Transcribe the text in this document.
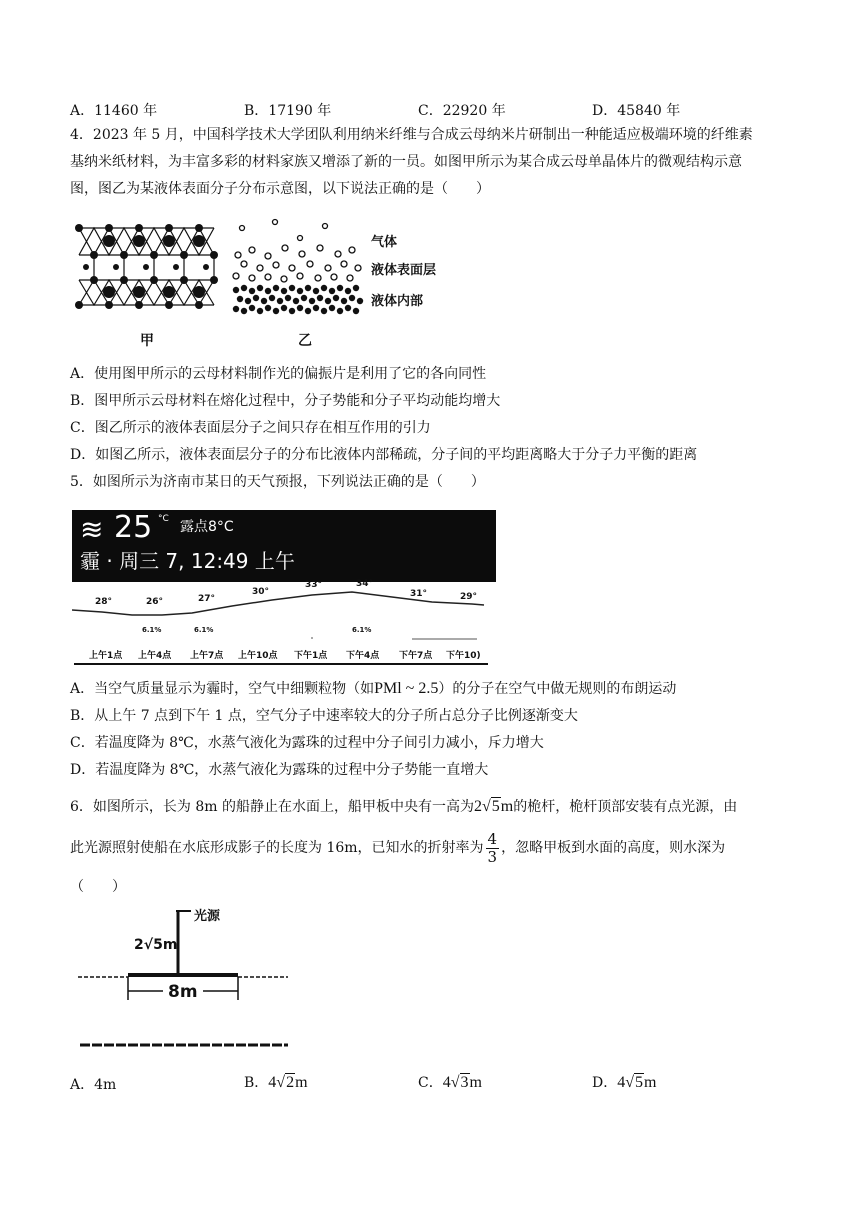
A．11460 年	B．17190 年	C．22920 年	D．45840 年
4．2023 年 5 月，中国科学技术大学团队利用纳米纤维与合成云母纳米片研制出一种能适应极端环境的纤维素
基纳米纸材料，为丰富多彩的材料家族又增添了新的一员。如图甲所示为某合成云母单晶体片的微观结构示意
图，图乙为某液体表面分子分布示意图，以下说法正确的是（　　）
甲
气体
液体表面层
液体内部
乙
A．使用图甲所示的云母材料制作光的偏振片是利用了它的各向同性
B．图甲所示云母材料在熔化过程中，分子势能和分子平均动能均增大
C．图乙所示的液体表面层分子之间只存在相互作用的引力
D．如图乙所示，液体表面层分子的分布比液体内部稀疏，分子间的平均距离略大于分子力平衡的距离
5．如图所示为济南市某日的天气预报，下列说法正确的是（　　）
≋ 25 °C 露点8°C
霾 · 周三 7, 12:49 上午
28°	26°	27°
30°
33°	34°
31°	29°
6.1%	6.1%	6.1%
上午1点 上午4点 上午7点 上午10点 下午1点 下午4点 下午7点 下午10)
A．当空气质量显示为霾时，空气中细颗粒物（如PMl ~ 2.5）的分子在空气中做无规则的布朗运动
B．从上午 7 点到下午 1 点，空气分子中速率较大的分子所占总分子比例逐渐变大
C．若温度降为 8℃，水蒸气液化为露珠的过程中分子间引力减小，斥力增大
D．若温度降为 8℃，水蒸气液化为露珠的过程中分子势能一直增大
6．如图所示，长为 8m 的船静止在水面上，船甲板中央有一高为2√5m的桅杆，桅杆顶部安装有点光源，由
此光源照射使船在水底形成影子的长度为 16m，已知水的折射率为 $\frac{4}{3}$ ，忽略甲板到水面的高度，则水深为
（　　）
光源
2√5m
8m
A．4m	B．4√2m	C．4√3m	D．4√5m
